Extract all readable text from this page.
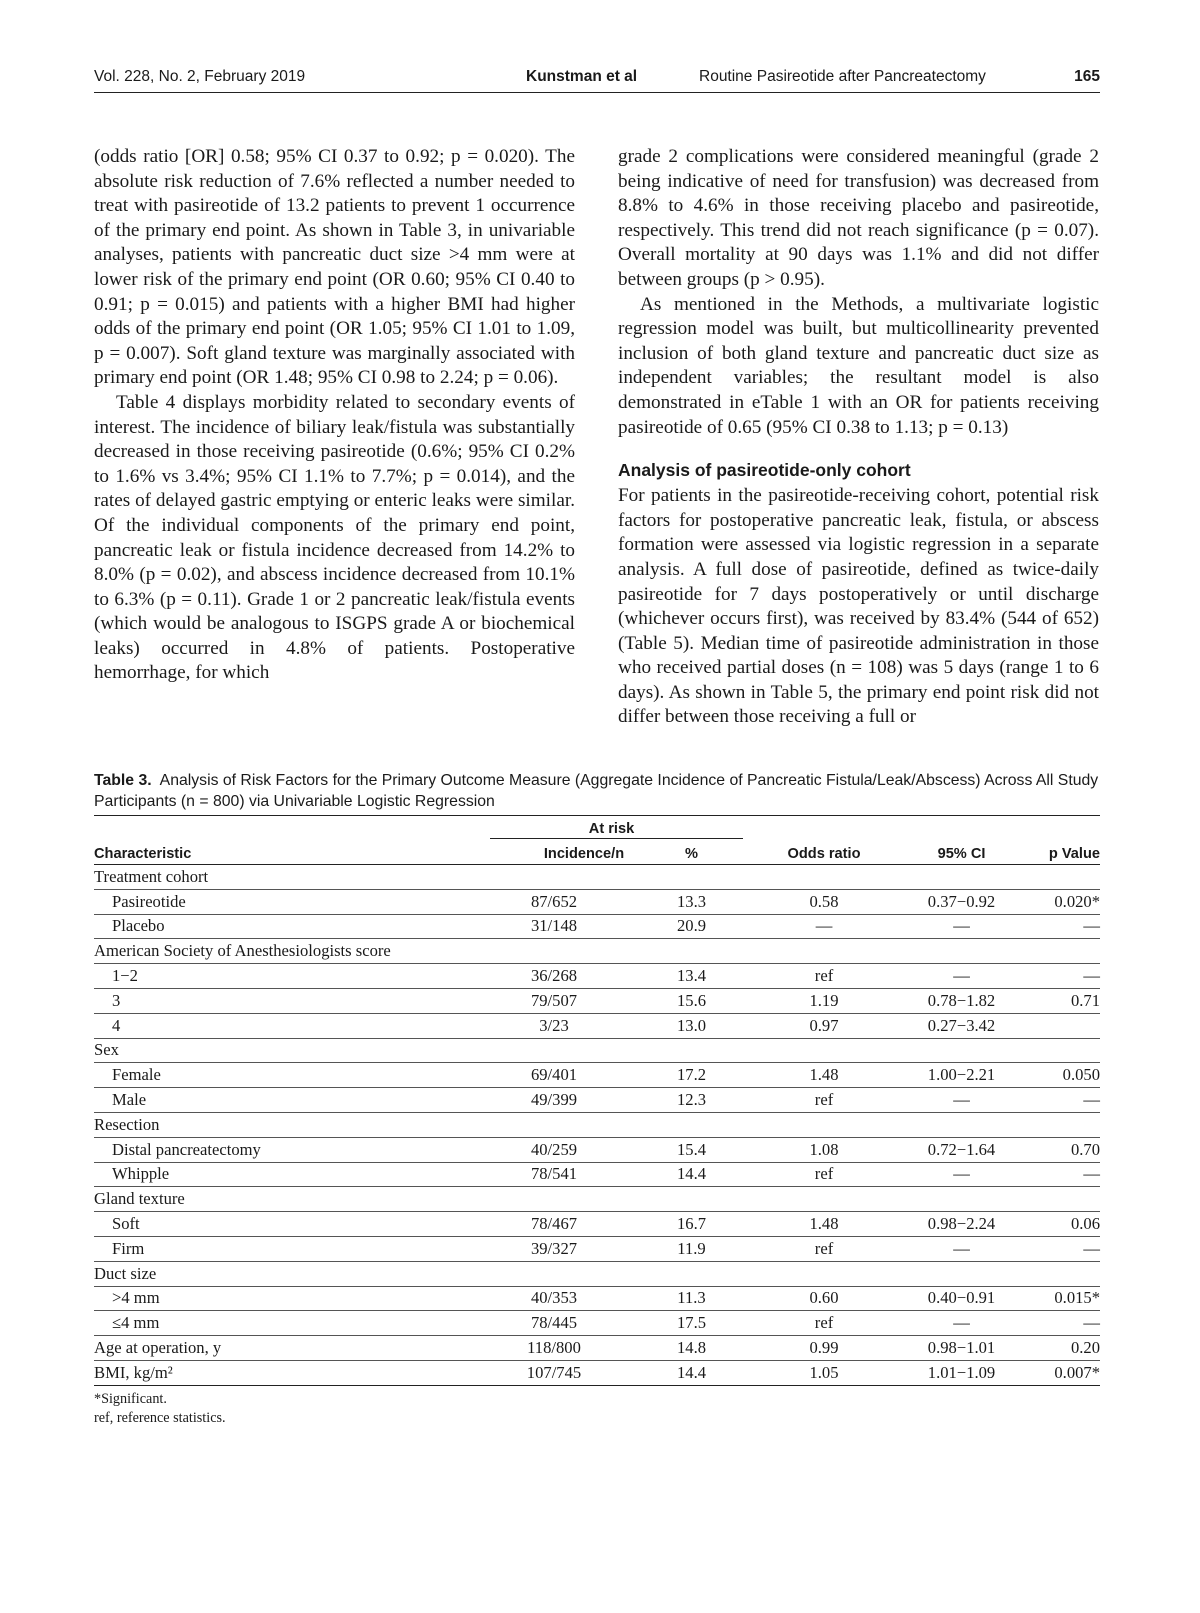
Vol. 228, No. 2, February 2019	Kunstman et al	Routine Pasireotide after Pancreatectomy	165

(odds ratio [OR] 0.58; 95% CI 0.37 to 0.92; p = 0.020). The absolute risk reduction of 7.6% reflected a number needed to treat with pasireotide of 13.2 patients to prevent 1 occurrence of the primary end point. As shown in Table 3, in univariable analyses, patients with pancreatic duct size >4 mm were at lower risk of the primary end point (OR 0.60; 95% CI 0.40 to 0.91; p = 0.015) and patients with a higher BMI had higher odds of the primary end point (OR 1.05; 95% CI 1.01 to 1.09, p = 0.007). Soft gland texture was marginally associated with primary end point (OR 1.48; 95% CI 0.98 to 2.24; p = 0.06).

Table 4 displays morbidity related to secondary events of interest. The incidence of biliary leak/fistula was substantially decreased in those receiving pasireotide (0.6%; 95% CI 0.2% to 1.6% vs 3.4%; 95% CI 1.1% to 7.7%; p = 0.014), and the rates of delayed gastric emptying or enteric leaks were similar. Of the individual components of the primary end point, pancreatic leak or fistula incidence decreased from 14.2% to 8.0% (p = 0.02), and abscess incidence decreased from 10.1% to 6.3% (p = 0.11). Grade 1 or 2 pancreatic leak/fistula events (which would be analogous to ISGPS grade A or biochemical leaks) occurred in 4.8% of patients. Postoperative hemorrhage, for which

grade 2 complications were considered meaningful (grade 2 being indicative of need for transfusion) was decreased from 8.8% to 4.6% in those receiving placebo and pasireotide, respectively. This trend did not reach significance (p = 0.07). Overall mortality at 90 days was 1.1% and did not differ between groups (p > 0.95).

As mentioned in the Methods, a multivariate logistic regression model was built, but multicollinearity prevented inclusion of both gland texture and pancreatic duct size as independent variables; the resultant model is also demonstrated in eTable 1 with an OR for patients receiving pasireotide of 0.65 (95% CI 0.38 to 1.13; p = 0.13)

Analysis of pasireotide-only cohort

For patients in the pasireotide-receiving cohort, potential risk factors for postoperative pancreatic leak, fistula, or abscess formation were assessed via logistic regression in a separate analysis. A full dose of pasireotide, defined as twice-daily pasireotide for 7 days postoperatively or until discharge (whichever occurs first), was received by 83.4% (544 of 652) (Table 5). Median time of pasireotide administration in those who received partial doses (n = 108) was 5 days (range 1 to 6 days). As shown in Table 5, the primary end point risk did not differ between those receiving a full or

Table 3. Analysis of Risk Factors for the Primary Outcome Measure (Aggregate Incidence of Pancreatic Fistula/Leak/Abscess) Across All Study Participants (n = 800) via Univariable Logistic Regression

	At risk				

Characteristic	Incidence/n	%	Odds ratio	95% CI	p Value
Treatment cohort					
Pasireotide	87/652	13.3	0.58	0.37−0.92	0.020*
Placebo	31/148	20.9	—	—	—
American Society of Anesthesiologists score					
1−2	36/268	13.4	ref	—	—
3	79/507	15.6	1.19	0.78−1.82	0.71
4	3/23	13.0	0.97	0.27−3.42	
Sex					
Female	69/401	17.2	1.48	1.00−2.21	0.050
Male	49/399	12.3	ref	—	—
Resection					
Distal pancreatectomy	40/259	15.4	1.08	0.72−1.64	0.70
Whipple	78/541	14.4	ref	—	—
Gland texture					
Soft	78/467	16.7	1.48	0.98−2.24	0.06
Firm	39/327	11.9	ref	—	—
Duct size					
>4 mm	40/353	11.3	0.60	0.40−0.91	0.015*
≤4 mm	78/445	17.5	ref	—	—
Age at operation, y	118/800	14.8	0.99	0.98−1.01	0.20
BMI, kg/m²	107/745	14.4	1.05	1.01−1.09	0.007*
*Significant.
ref, reference statistics.
